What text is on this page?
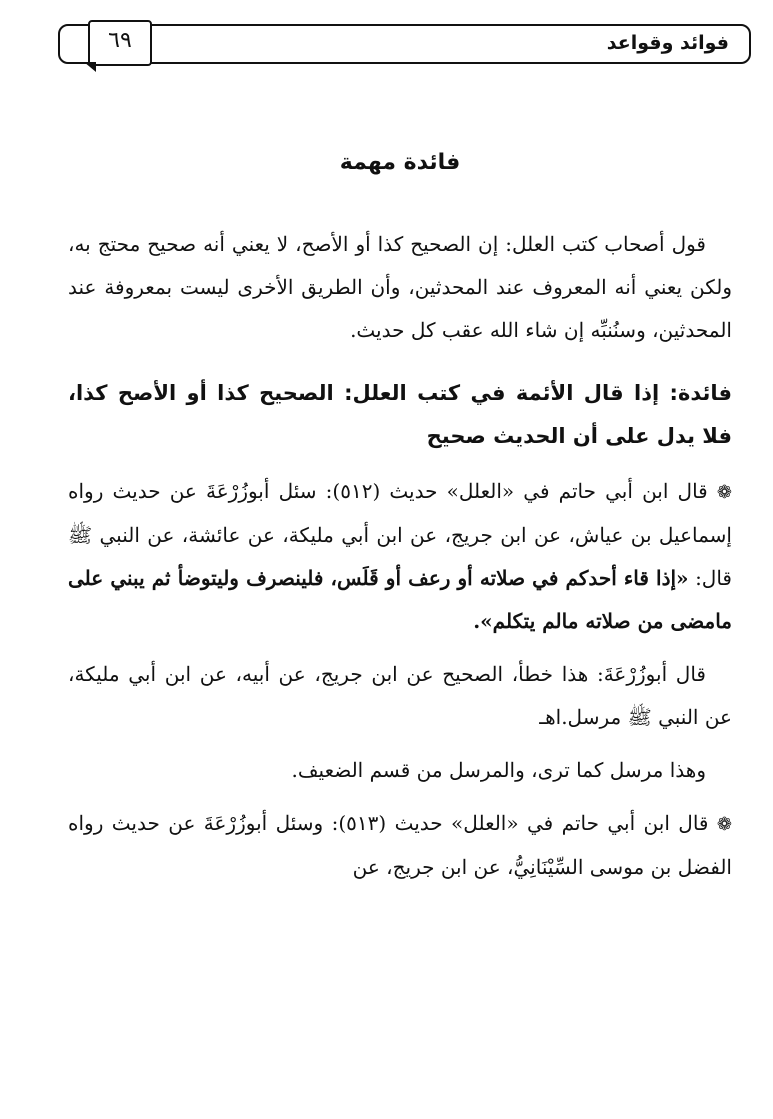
فوائد وقواعد
٦٩
فائدة مهمة

قول أصحاب كتب العلل: إن الصحيح كذا أو الأصح، لا يعني أنه صحيح محتج به، ولكن يعني أنه المعروف عند المحدثين، وأن الطريق الأخرى ليست بمعروفة عند المحدثين، وسنُنبِّه إن شاء الله عقب كل حديث.

فائدة: إذا قال الأئمة في كتب العلل: الصحيح كذا أو الأصح كذا، فلا يدل على أن الحديث صحيح

❁ قال ابن أبي حاتم في «العلل» حديث (٥١٢): سئل أبوزُرْعَةَ عن حديث رواه إسماعيل بن عياش، عن ابن جريج، عن ابن أبي مليكة، عن عائشة، عن النبي ﷺ قال: «إذا قاء أحدكم في صلاته أو رعف أو قَلَس، فلينصرف وليتوضأ ثم يبني على مامضى من صلاته مالم يتكلم».

قال أبوزُرْعَةَ: هذا خطأ، الصحيح عن ابن جريج، عن أبيه، عن ابن أبي مليكة، عن النبي ﷺ مرسل.اهـ

وهذا مرسل كما ترى، والمرسل من قسم الضعيف.

❁ قال ابن أبي حاتم في «العلل» حديث (٥١٣): وسئل أبوزُرْعَةَ عن حديث رواه الفضل بن موسى السِّيْنَانِيُّ، عن ابن جريج، عن
